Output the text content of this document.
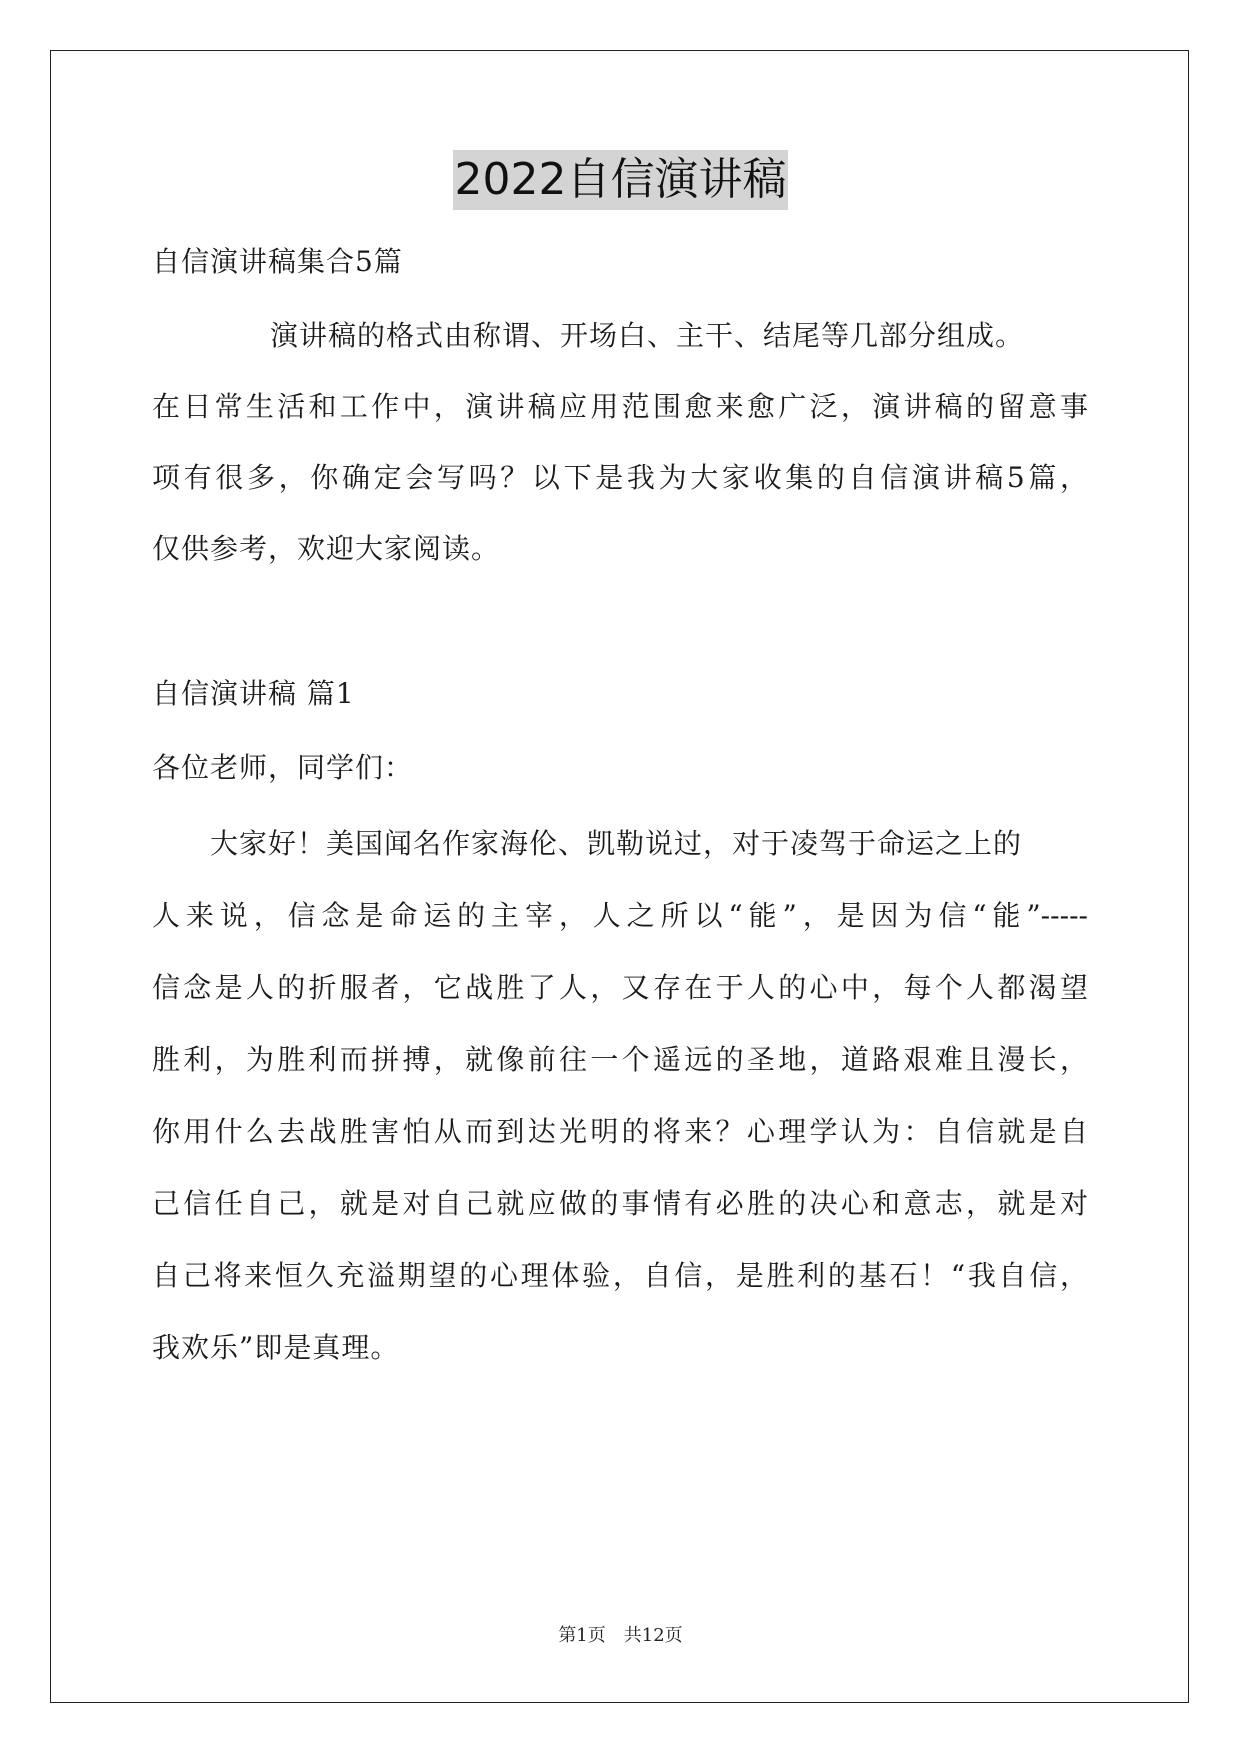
2022自信演讲稿
自信演讲稿集合5篇
演讲稿的格式由称谓、开场白、主干、结尾等几部分组成。
在日常生活和工作中，演讲稿应用范围愈来愈广泛，演讲稿的留意事
项有很多，你确定会写吗？以下是我为大家收集的自信演讲稿5篇，
仅供参考，欢迎大家阅读。
自信演讲稿 篇1
各位老师，同学们：
大家好！美国闻名作家海伦、凯勒说过，对于凌驾于命运之上的
人来说，信念是命运的主宰，人之所以“能”，是因为信“能”-----
信念是人的折服者，它战胜了人，又存在于人的心中，每个人都渴望
胜利，为胜利而拼搏，就像前往一个遥远的圣地，道路艰难且漫长，
你用什么去战胜害怕从而到达光明的将来？心理学认为：自信就是自
己信任自己，就是对自己就应做的事情有必胜的决心和意志，就是对
自己将来恒久充溢期望的心理体验，自信，是胜利的基石！“我自信，
我欢乐”即是真理。
第1页 共12页
